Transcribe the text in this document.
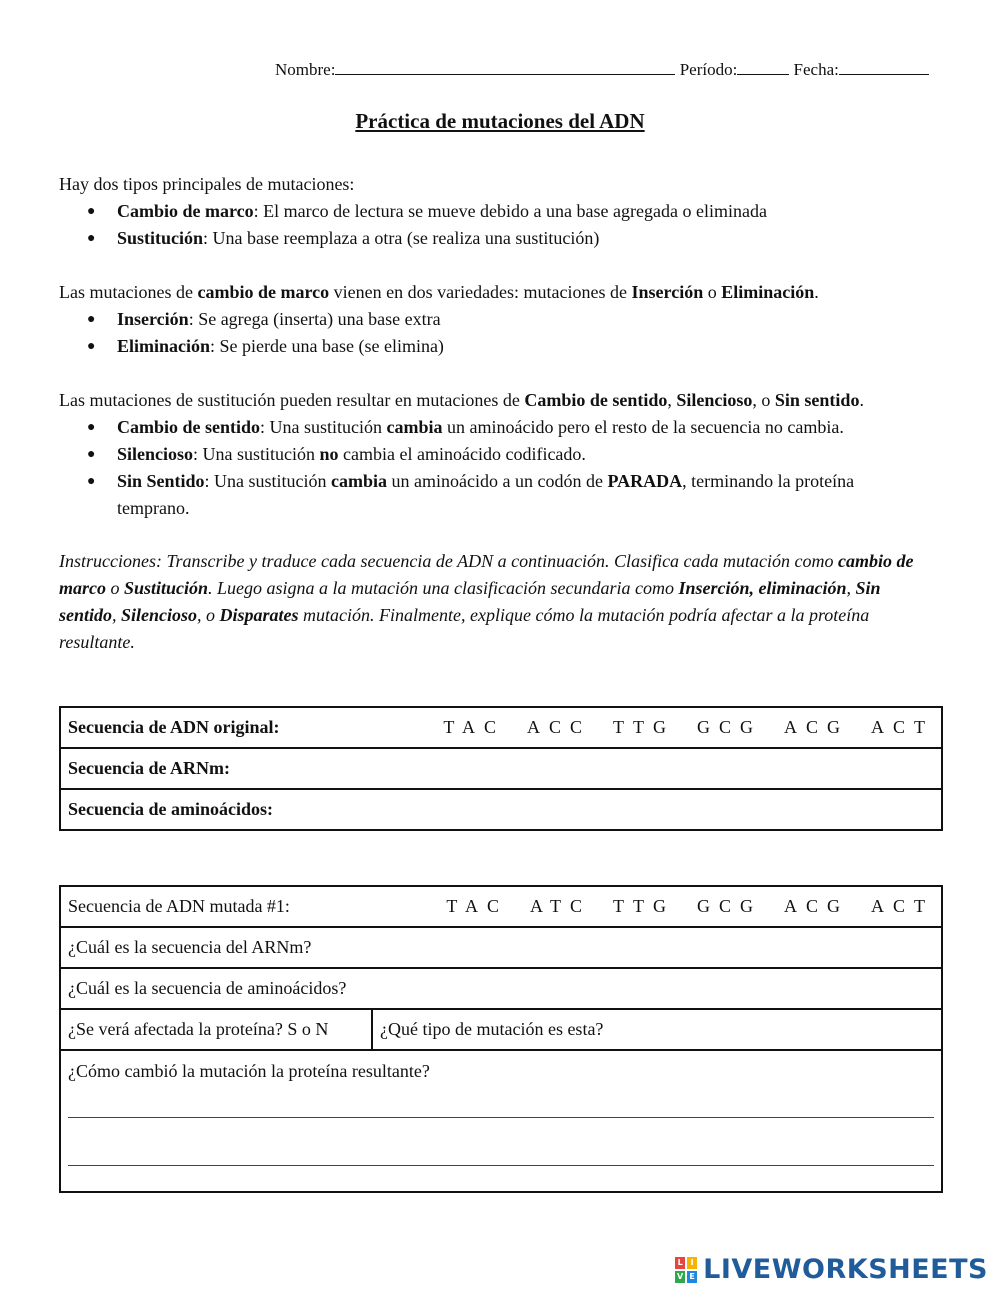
Nombre:	Período:	Fecha:
Práctica de mutaciones del ADN
Hay dos tipos principales de mutaciones:
● Cambio de marco: El marco de lectura se mueve debido a una base agregada o eliminada
● Sustitución: Una base reemplaza a otra (se realiza una sustitución)
Las mutaciones de cambio de marco vienen en dos variedades: mutaciones de Inserción o Eliminación.
● Inserción: Se agrega (inserta) una base extra
● Eliminación: Se pierde una base (se elimina)
Las mutaciones de sustitución pueden resultar en mutaciones de Cambio de sentido, Silencioso, o Sin sentido.
● Cambio de sentido: Una sustitución cambia un aminoácido pero el resto de la secuencia no cambia.
● Silencioso: Una sustitución no cambia el aminoácido codificado.
● Sin Sentido: Una sustitución cambia un aminoácido a un codón de PARADA, terminando la proteína temprano.
Instrucciones: Transcribe y traduce cada secuencia de ADN a continuación. Clasifica cada mutación como cambio de marco o Sustitución. Luego asigna a la mutación una clasificación secundaria como Inserción, eliminación, Sin sentido, Silencioso, o Disparates mutación. Finalmente, explique cómo la mutación podría afectar a la proteína resultante.
Secuencia de ADN original:	TAC ACC TTG GCG ACG ACT

Secuencia de ARNm:
Secuencia de aminoácidos:
Secuencia de ADN mutada #1:	TAC ATC TTG GCG ACG ACT

¿Cuál es la secuencia del ARNm?
¿Cuál es la secuencia de aminoácidos?
¿Se verá afectada la proteína? S o N	¿Qué tipo de mutación es esta?

¿Cómo cambió la mutación la proteína resultante?
L I
V E LIVEWORKSHEETS
